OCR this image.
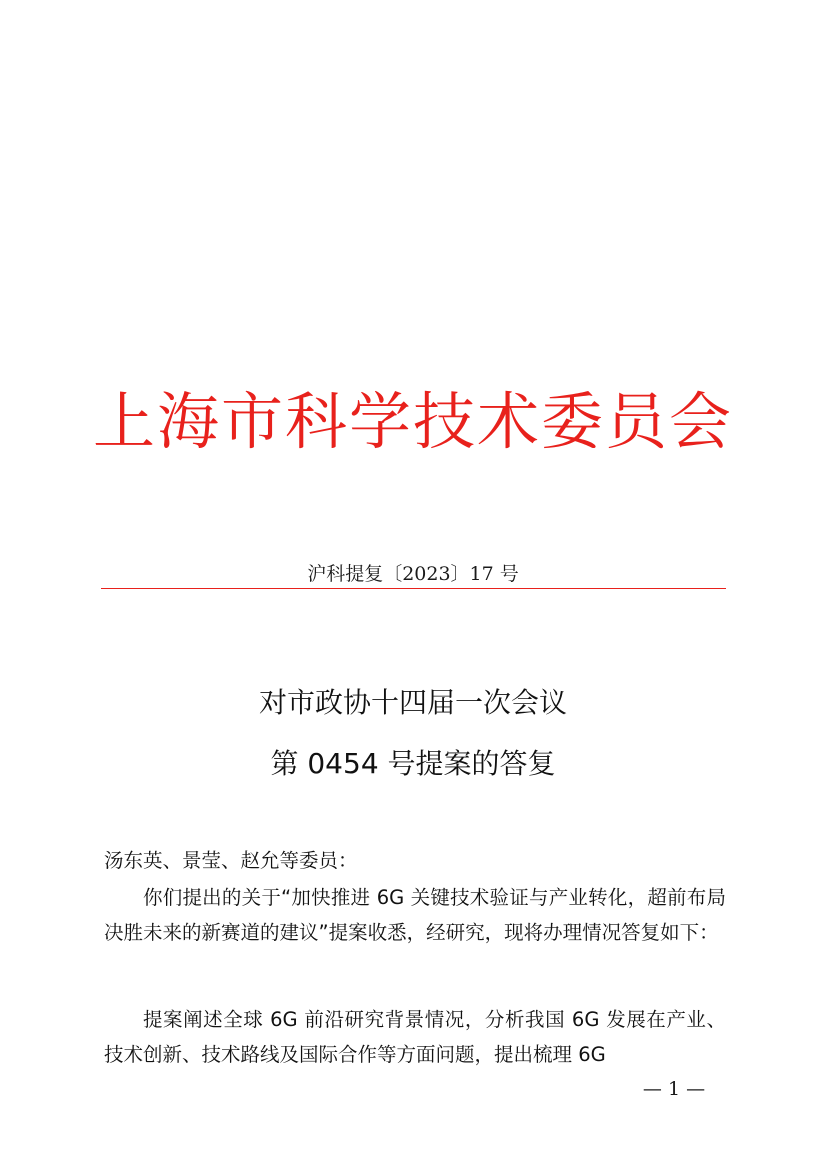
上海市科学技术委员会
沪科提复〔2023〕17 号
对市政协十四届一次会议
第 0454 号提案的答复
汤东英、景莹、赵允等委员：

你们提出的关于“加快推进 6G 关键技术验证与产业转化，超前布局决胜未来的新赛道的建议”提案收悉，经研究，现将办理情况答复如下：

提案阐述全球 6G 前沿研究背景情况，分析我国 6G 发展在产业、技术创新、技术路线及国际合作等方面问题，提出梳理 6G

— 1 —
